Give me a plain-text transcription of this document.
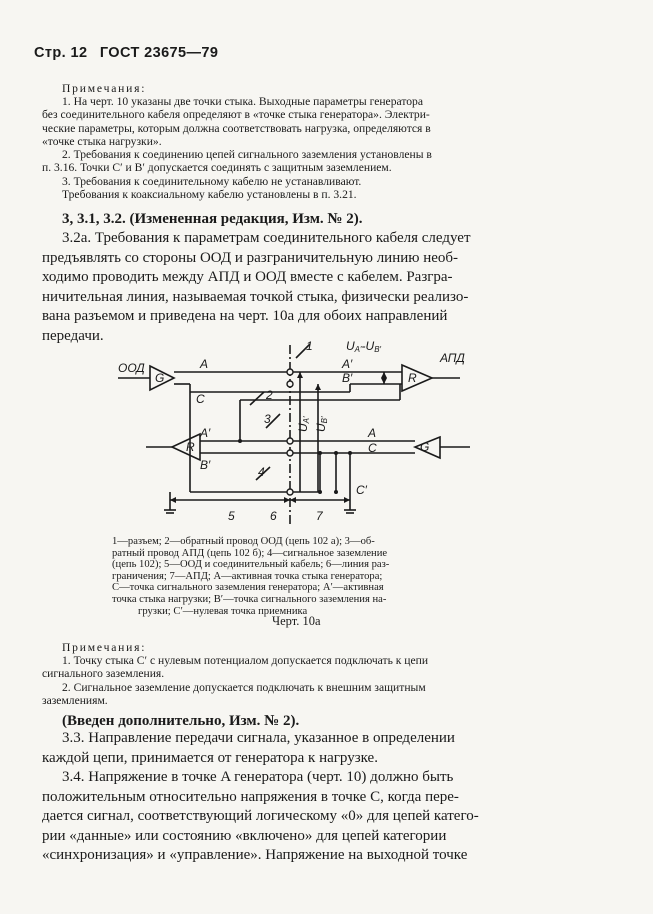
Стр. 12 ГОСТ 23675—79
Примечания:
1. На черт. 10 указаны две точки стыка. Выходные параметры генератора
без соединительного кабеля определяют в «точке стыка генератора». Электри-
ческие параметры, которым должна соответствовать нагрузка, определяются в
«точке стыка нагрузки».
2. Требования к соединению цепей сигнального заземления установлены в
п. 3.16. Точки C′ и B′ допускается соединять с защитным заземлением.
3. Требования к соединительному кабелю не устанавливают.
Требования к коаксиальному кабелю установлены в п. 3.21.
3, 3.1, 3.2. (Измененная редакция, Изм. № 2).
3.2а. Требования к параметрам соединительного кабеля следует
предъявлять со стороны ООД и разграничительную линию необ-
ходимо проводить между АПД и ООД вместе с кабелем. Разгра-
ничительная линия, называемая точкой стыка, физически реализо-
вана разъемом и приведена на черт. 10а для обоих направлений
передачи.
ООД
АПД
G	R
R	G
A
C
A′
B′
A′
B′
A
C
C′
1
2
3
4
5	6	7
UA′-UB′
UA′
UB′
1—разъем; 2—обратный провод ООД (цепь 102 а); 3—об-
ратный провод АПД (цепь 102 б); 4—сигнальное заземление
(цепь 102); 5—ООД и соединительный кабель; 6—линия раз-
граничения; 7—АПД; A—активная точка стыка генератора;
C—точка сигнального заземления генератора; A′—активная
точка стыка нагрузки; B′—точка сигнального заземления на-
грузки; C′—нулевая точка приемника
Черт. 10а
Примечания:
1. Точку стыка C′ с нулевым потенциалом допускается подключать к цепи
сигнального заземления.
2. Сигнальное заземление допускается подключать к внешним защитным
заземлениям.
(Введен дополнительно, Изм. № 2).
3.3. Направление передачи сигнала, указанное в определении
каждой цепи, принимается от генератора к нагрузке.
3.4. Напряжение в точке A генератора (черт. 10) должно быть
положительным относительно напряжения в точке C, когда пере-
дается сигнал, соответствующий логическому «0» для цепей катего-
рии «данные» или состоянию «включено» для цепей категории
«синхронизация» и «управление». Напряжение на выходной точке
